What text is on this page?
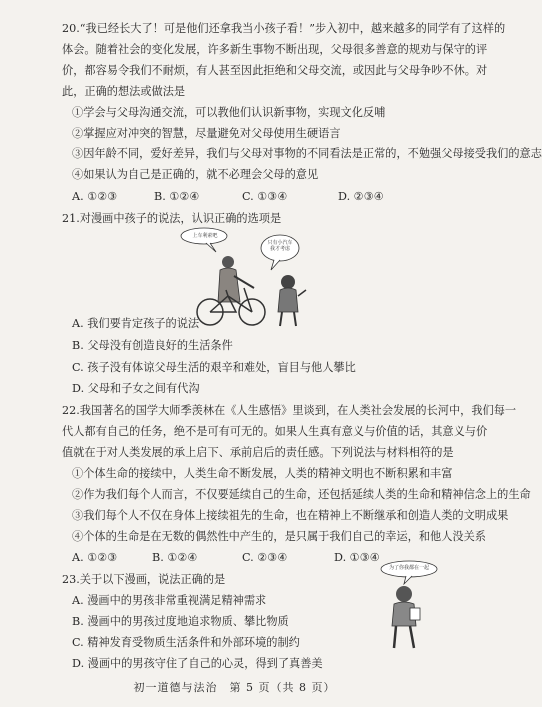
20.“我已经长大了！可是他们还拿我当小孩子看！”步入初中，越来越多的同学有了这样的
体会。随着社会的变化发展，许多新生事物不断出现，父母很多善意的规劝与保守的评
价，都容易令我们不耐烦，有人甚至因此拒绝和父母交流，或因此与父母争吵不休。对
此，正确的想法或做法是
①学会与父母沟通交流，可以教他们认识新事物，实现文化反哺
②掌握应对冲突的智慧，尽量避免对父母使用生硬语言
③因年龄不同，爱好差异，我们与父母对事物的不同看法是正常的，不勉强父母接受我们的意志
④如果认为自己是正确的，就不必理会父母的意见
A. ①②③	B. ①②④	C. ①③④	D. ②③④
21.对漫画中孩子的说法，认识正确的选项是
上车利索吧
只有小汽车
我才考虑
A. 我们要肯定孩子的说法
B. 父母没有创造良好的生活条件
C. 孩子没有体谅父母生活的艰辛和难处，盲目与他人攀比
D. 父母和子女之间有代沟
22.我国著名的国学大师季羡林在《人生感悟》里谈到，在人类社会发展的长河中，我们每一
代人都有自己的任务，绝不是可有可无的。如果人生真有意义与价值的话，其意义与价
值就在于对人类发展的承上启下、承前启后的责任感。下列说法与材料相符的是
①个体生命的接续中，人类生命不断发展，人类的精神文明也不断积累和丰富
②作为我们每个人而言，不仅要延续自己的生命，还包括延续人类的生命和精神信念上的生命
③我们每个人不仅在身体上接续祖先的生命，也在精神上不断继承和创造人类的文明成果
④个体的生命是在无数的偶然性中产生的，是只属于我们自己的幸运，和他人没关系
A. ①②③	B. ①②④	C. ②③④	D. ①③④
23.关于以下漫画，说法正确的是
A. 漫画中的男孩非常重视满足精神需求
B. 漫画中的男孩过度地追求物质、攀比物质
C. 精神发育受物质生活条件和外部环境的制约
D. 漫画中的男孩守住了自己的心灵，得到了真善美
为了你我都在一起
初一道德与法治　第 5 页（共 8 页）
